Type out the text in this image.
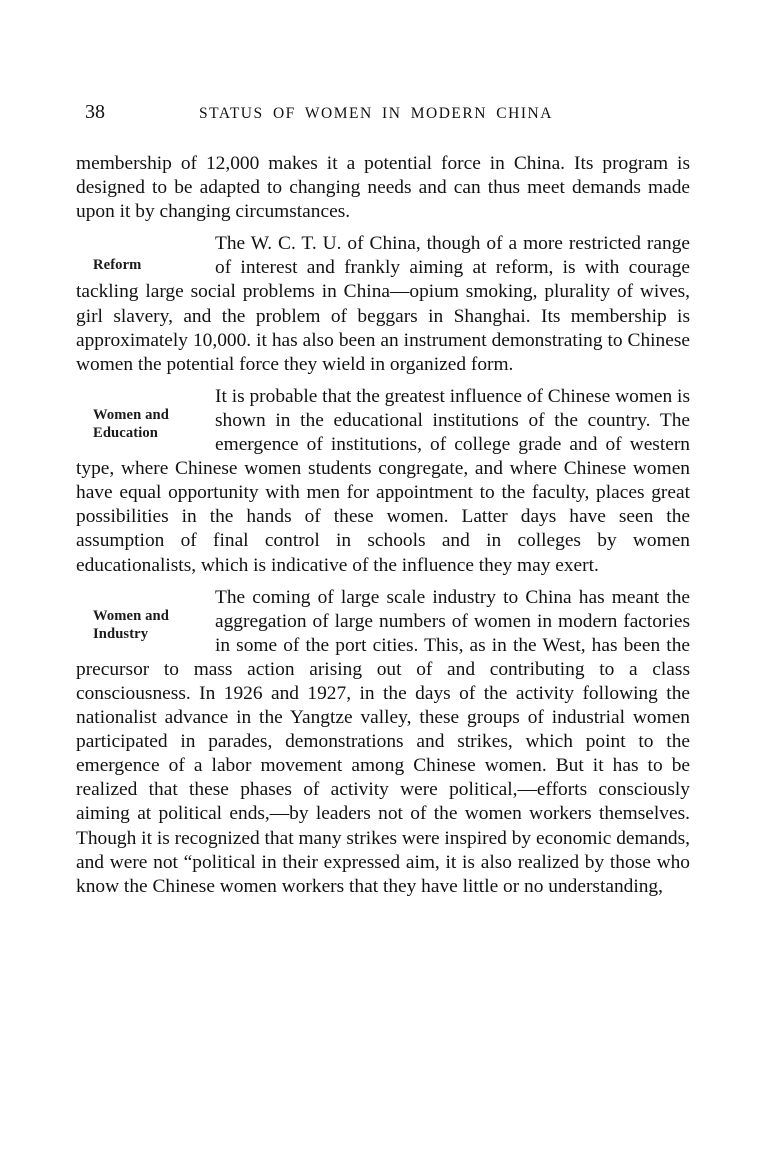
38	STATUS OF WOMEN IN MODERN CHINA

membership of 12,000 makes it a potential force in China. Its program is designed to be adapted to changing needs and can thus meet demands made upon it by changing circumstances.

Reform
The W. C. T. U. of China, though of a more restricted range of interest and frankly aiming at reform, is with courage tackling large social problems in China—opium smoking, plurality of wives, girl slavery, and the problem of beggars in Shanghai. Its membership is approximately 10,000. it has also been an instrument demonstrating to Chinese women the potential force they wield in organized form.

Women and
Education
It is probable that the greatest influence of Chinese women is shown in the educational institutions of the country. The emergence of institutions, of college grade and of western type, where Chinese women students congregate, and where Chinese women have equal opportunity with men for appointment to the faculty, places great possibilities in the hands of these women. Latter days have seen the assumption of final control in schools and in colleges by women educationalists, which is indicative of the influence they may exert.

Women and
Industry
The coming of large scale industry to China has meant the aggregation of large numbers of women in modern factories in some of the port cities. This, as in the West, has been the precursor to mass action arising out of and contributing to a class consciousness. In 1926 and 1927, in the days of the activity following the nationalist advance in the Yangtze valley, these groups of industrial women participated in parades, demonstrations and strikes, which point to the emergence of a labor movement among Chinese women. But it has to be realized that these phases of activity were political,—efforts consciously aiming at political ends,—by leaders not of the women workers themselves. Though it is recognized that many strikes were inspired by economic demands, and were not “political in their expressed aim, it is also realized by those who know the Chinese women workers that they have little or no understanding,
